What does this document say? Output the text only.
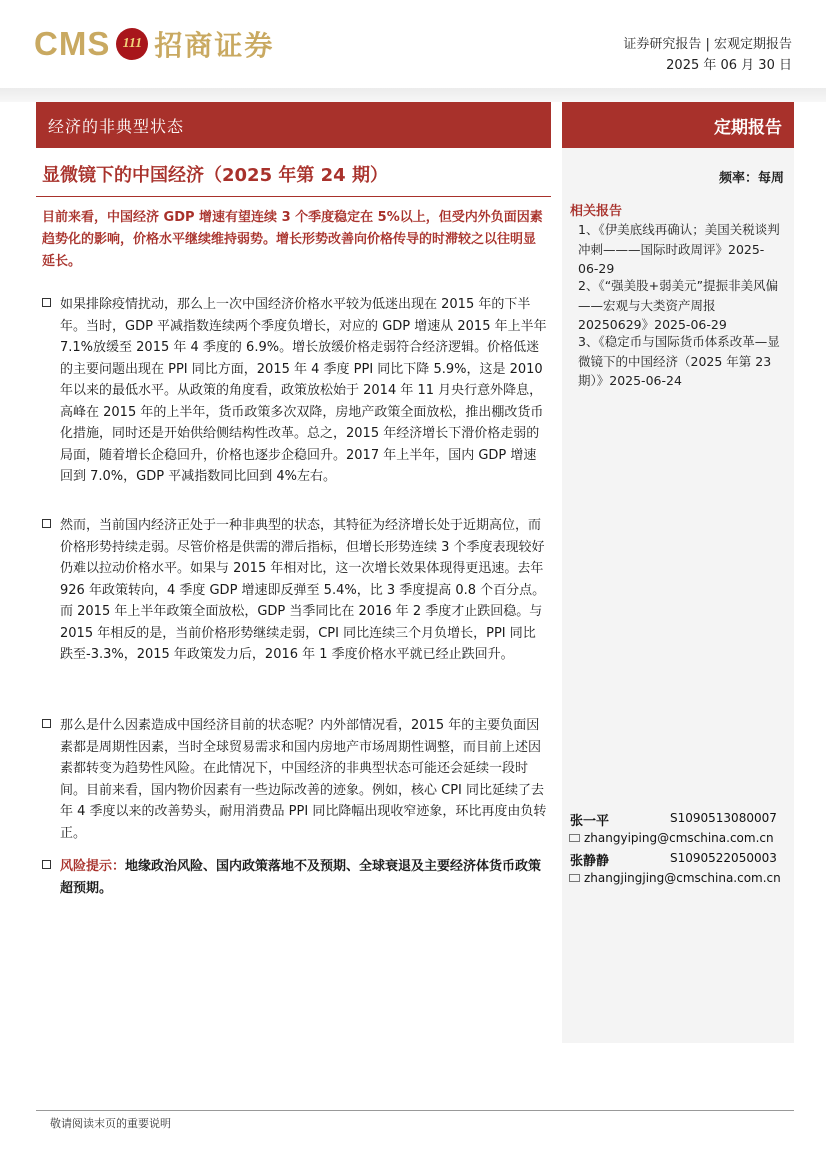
CMS 111 招商证券	证券研究报告 | 宏观定期报告
2025 年 06 月 30 日
经济的非典型状态	定期报告
显微镜下的中国经济（2025 年第 24 期）	频率：每周
目前来看，中国经济 GDP 增速有望连续 3 个季度稳定在 5%以上，但受内外负面因素趋势化的影响，价格水平继续维持弱势。增长形势改善向价格传导的时滞较之以往明显延长。
如果排除疫情扰动，那么上一次中国经济价格水平较为低迷出现在 2015 年的下半年。当时，GDP 平减指数连续两个季度负增长，对应的 GDP 增速从 2015 年上半年 7.1%放缓至 2015 年 4 季度的 6.9%。增长放缓价格走弱符合经济逻辑。价格低迷的主要问题出现在 PPI 同比方面，2015 年 4 季度 PPI 同比下降 5.9%，这是 2010 年以来的最低水平。从政策的角度看，政策放松始于 2014 年 11 月央行意外降息，高峰在 2015 年的上半年，货币政策多次双降，房地产政策全面放松，推出棚改货币化措施，同时还是开始供给侧结构性改革。总之，2015 年经济增长下滑价格走弱的局面，随着增长企稳回升，价格也逐步企稳回升。2017 年上半年，国内 GDP 增速回到 7.0%，GDP 平减指数同比回到 4%左右。
然而，当前国内经济正处于一种非典型的状态，其特征为经济增长处于近期高位，而价格形势持续走弱。尽管价格是供需的滞后指标，但增长形势连续 3 个季度表现较好仍难以拉动价格水平。如果与 2015 年相对比，这一次增长效果体现得更迅速。去年 926 年政策转向，4 季度 GDP 增速即反弹至 5.4%，比 3 季度提高 0.8 个百分点。而 2015 年上半年政策全面放松，GDP 当季同比在 2016 年 2 季度才止跌回稳。与 2015 年相反的是，当前价格形势继续走弱，CPI 同比连续三个月负增长，PPI 同比跌至-3.3%，2015 年政策发力后，2016 年 1 季度价格水平就已经止跌回升。
那么是什么因素造成中国经济目前的状态呢？内外部情况看，2015 年的主要负面因素都是周期性因素，当时全球贸易需求和国内房地产市场周期性调整，而目前上述因素都转变为趋势性风险。在此情况下，中国经济的非典型状态可能还会延续一段时间。目前来看，国内物价因素有一些边际改善的迹象。例如，核心 CPI 同比延续了去年 4 季度以来的改善势头，耐用消费品 PPI 同比降幅出现收窄迹象，环比再度由负转正。
风险提示：地缘政治风险、国内政策落地不及预期、全球衰退及主要经济体货币政策超预期。
相关报告
1、《伊美底线再确认；美国关税谈判冲刺———国际时政周评》2025-06-29
2、《“强美股+弱美元”提振非美风偏——宏观与大类资产周报 20250629》2025-06-29
3、《稳定币与国际货币体系改革—显微镜下的中国经济（2025 年第 23 期）》2025-06-24
张一平	S1090513080007
zhangyiping@cmschina.com.cn
张静静	S1090522050003
zhangjingjing@cmschina.com.cn
敬请阅读末页的重要说明
